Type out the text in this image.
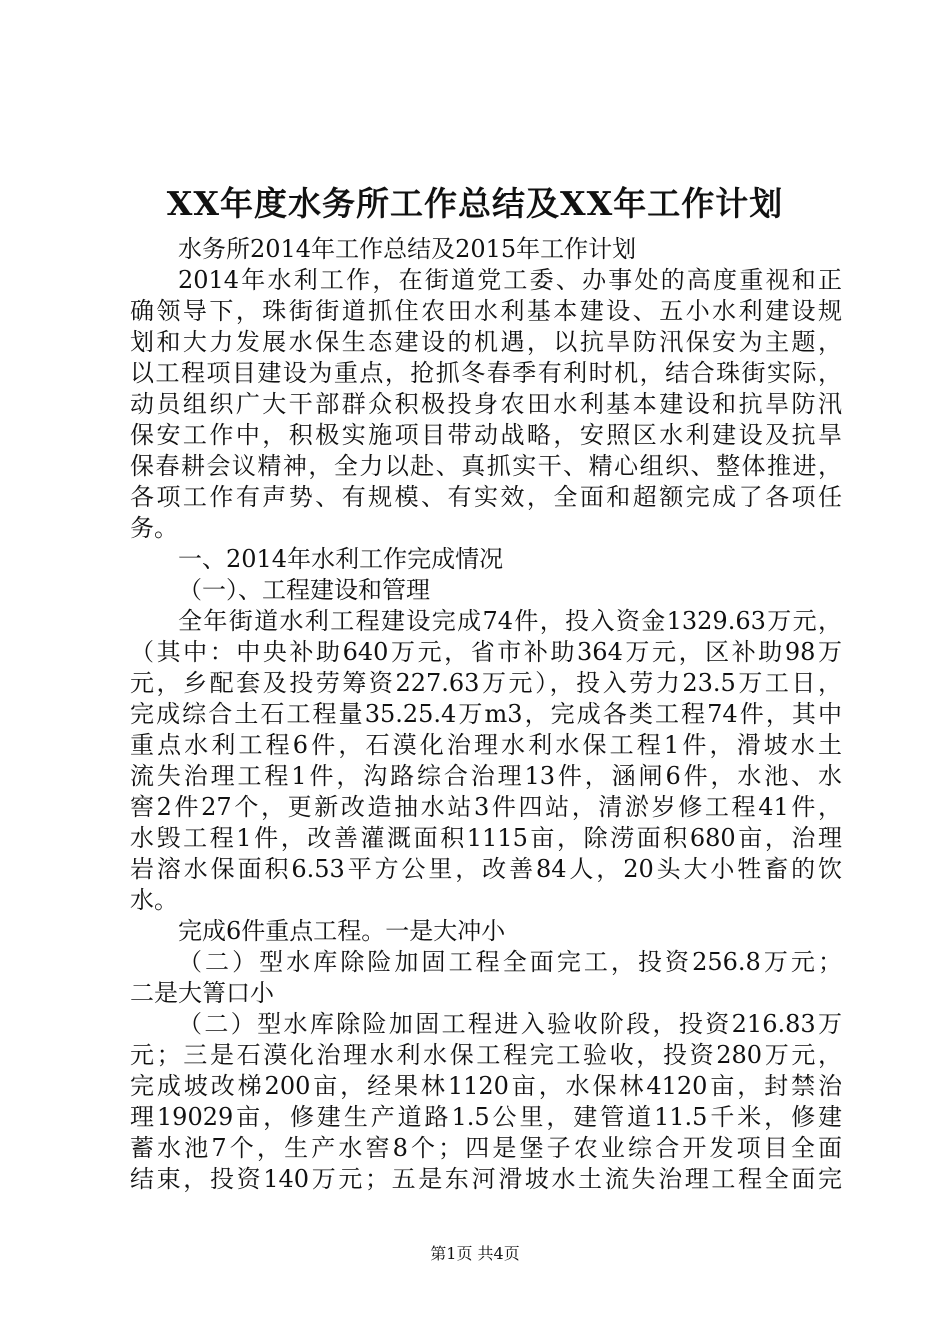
XX年度水务所工作总结及XX年工作计划
水务所2014年工作总结及2015年工作计划
2014年水利工作，在街道党工委、办事处的高度重视和正
确领导下，珠街街道抓住农田水利基本建设、五小水利建设规
划和大力发展水保生态建设的机遇，以抗旱防汛保安为主题，
以工程项目建设为重点，抢抓冬春季有利时机，结合珠街实际，
动员组织广大干部群众积极投身农田水利基本建设和抗旱防汛
保安工作中，积极实施项目带动战略，安照区水利建设及抗旱
保春耕会议精神，全力以赴、真抓实干、精心组织、整体推进，
各项工作有声势、有规模、有实效，全面和超额完成了各项任
务。
一、2014年水利工作完成情况
（一）、工程建设和管理
全年街道水利工程建设完成74件，投入资金1329.63万元，
（其中：中央补助640万元，省市补助364万元，区补助98万
元，乡配套及投劳筹资227.63万元），投入劳力23.5万工日，
完成综合土石工程量35.25.4万m3，完成各类工程74件，其中
重点水利工程6件，石漠化治理水利水保工程1件，滑坡水土
流失治理工程1件，沟路综合治理13件，涵闸6件，水池、水
窖2件27个，更新改造抽水站3件四站，清淤岁修工程41件，
水毁工程1件，改善灌溉面积1115亩，除涝面积680亩，治理
岩溶水保面积6.53平方公里，改善84人，20头大小牲畜的饮
水。
完成6件重点工程。一是大冲小
（二）型水库除险加固工程全面完工，投资256.8万元；
二是大箐口小
（二）型水库除险加固工程进入验收阶段，投资216.83万
元；三是石漠化治理水利水保工程完工验收，投资280万元，
完成坡改梯200亩，经果林1120亩，水保林4120亩，封禁治
理19029亩，修建生产道路1.5公里，建管道11.5千米，修建
蓄水池7个，生产水窖8个；四是堡子农业综合开发项目全面
结束，投资140万元；五是东河滑坡水土流失治理工程全面完
第1页 共4页
